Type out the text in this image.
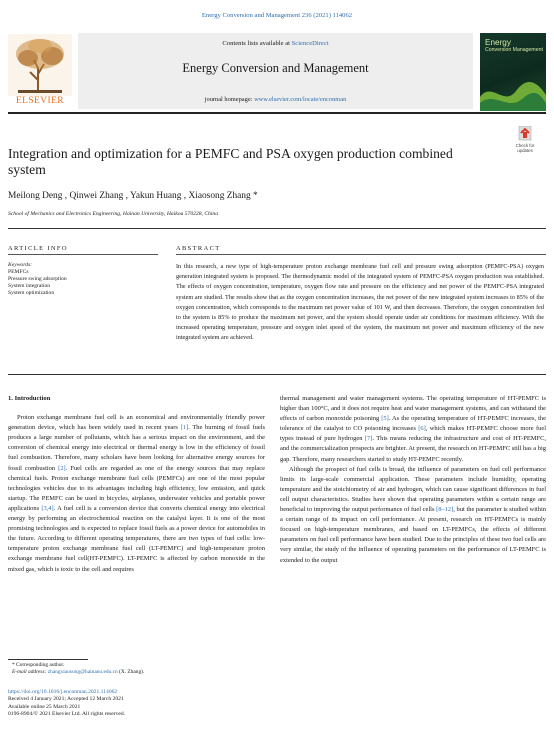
Energy Conversion and Management 236 (2021) 114062
ELSEVIER
Contents lists available at ScienceDirect
Energy Conversion and Management
journal homepage: www.elsevier.com/locate/enconman
Energy
Conversion Management
Check for updates
Integration and optimization for a PEMFC and PSA oxygen production combined system
Meilong Deng , Qinwei Zhang , Yakun Huang , Xiaosong Zhang *
School of Mechanics and Electronics Engineering, Hainan University, Haikou 570228, China
ARTICLE INFO	ABSTRACT
Keywords:
PEMFCs
Pressure swing adsorption
System integration
System optimization
In this research, a new type of high-temperature proton exchange membrane fuel cell and pressure swing adsorption (PEMFC-PSA) oxygen generation integrated system is proposed. The thermodynamic model of the integrated system of PEMFC-PSA oxygen production was established. The effects of oxygen concentration, temperature, oxygen flow rate and pressure on the efficiency and net power of the PEMFC-PSA integrated system are studied. The results show that as the oxygen concentration increases, the net power of the new integrated system increases to 85% of the oxygen concentration, which corresponds to the maximum net power value of 101 W, and then decreases. Therefore, the oxygen concentration fed to the system is 85% to produce the maximum net power, and the system should operate under air conditions for maximum efficiency. With the increased operating temperature, pressure and oxygen inlet speed of the system, the maximum net power and maximum efficiency of the new integrated system are achieved.
1. Introduction

Proton exchange membrane fuel cell is an economical and environmentally friendly power generation device, which has been widely used in recent years [1]. The burning of fossil fuels produces a large number of pollutants, which has a serious impact on the environment, and the conversion of chemical energy into electrical or thermal energy is low in the efficiency of fossil fuel combustion. Therefore, many scholars have been looking for alternative energy sources for fossil combustion [2]. Fuel cells are regarded as one of the energy sources that may replace chemical fuels. Proton exchange membrane fuel cells (PEMFCs) are one of the most popular technologies vehicles due to its advantages including high efficiency, low emission, and quick startup. The PEMFC can be used in bicycles, airplanes, underwater vehicles and portable power applications [3,4]. A fuel cell is a conversion device that converts chemical energy into electrical energy by performing an electrochemical reaction on the catalyst layer. It is one of the most promising technologies and is expected to replace fossil fuels as a power device for automobiles in the future. According to different operating temperatures, there are two types of fuel cells: low-temperature proton exchange membrane fuel cell (LT-PEMFC) and high-temperature proton exchange membrane fuel cell(HT-PEMFC). LT-PEMFC is affected by carbon monoxide in the mixed gas, which is toxic to the cell and requires

thermal management and water management systems. The operating temperature of HT-PEMFC is higher than 100°C, and it does not require heat and water management systems, and can withstand the effects of carbon monoxide poisoning [5]. As the operating temperature of HT-PEMFC increases, the tolerance of the catalyst to CO poisoning increases [6], which makes HT-PEMFC choose more fuel types instead of pure hydrogen [7]. This means reducing the infrastructure and cost of HT-PEMFC, and the commercialization prospects are brighter. At present, the research on HT-PEMFC still has a big gap. Therefore, many researchers started to study HT-PEMFC recently.

Although the prospect of fuel cells is broad, the influence of parameters on fuel cell performance limits its large-scale commercial application. These parameters include humidity, operating temperature and the stoichiometry of air and hydrogen, which can cause significant differences in fuel cell output characteristics. Studies have shown that operating parameters within a certain range are beneficial to improving the output performance of fuel cells [8–12], but the parameter is studied within a certain range of its impact on cell performance. At present, research on HT-PEMFCs is mainly focused on high-temperature membranes, and based on LT-PEMFCs, the effects of different parameters on fuel cell performance have been studied. Due to the principles of these two fuel cells are very similar, the study of the influence of operating parameters on the performance of LT-PEMFC is extended to the output

* Corresponding author.
E-mail address: zhangxiaosong@hainanu.edu.cn (X. Zhang).
https://doi.org/10.1016/j.enconman.2021.114062
Received 4 January 2021; Accepted 12 March 2021
Available online 25 March 2021
0196-8904/© 2021 Elsevier Ltd. All rights reserved.
